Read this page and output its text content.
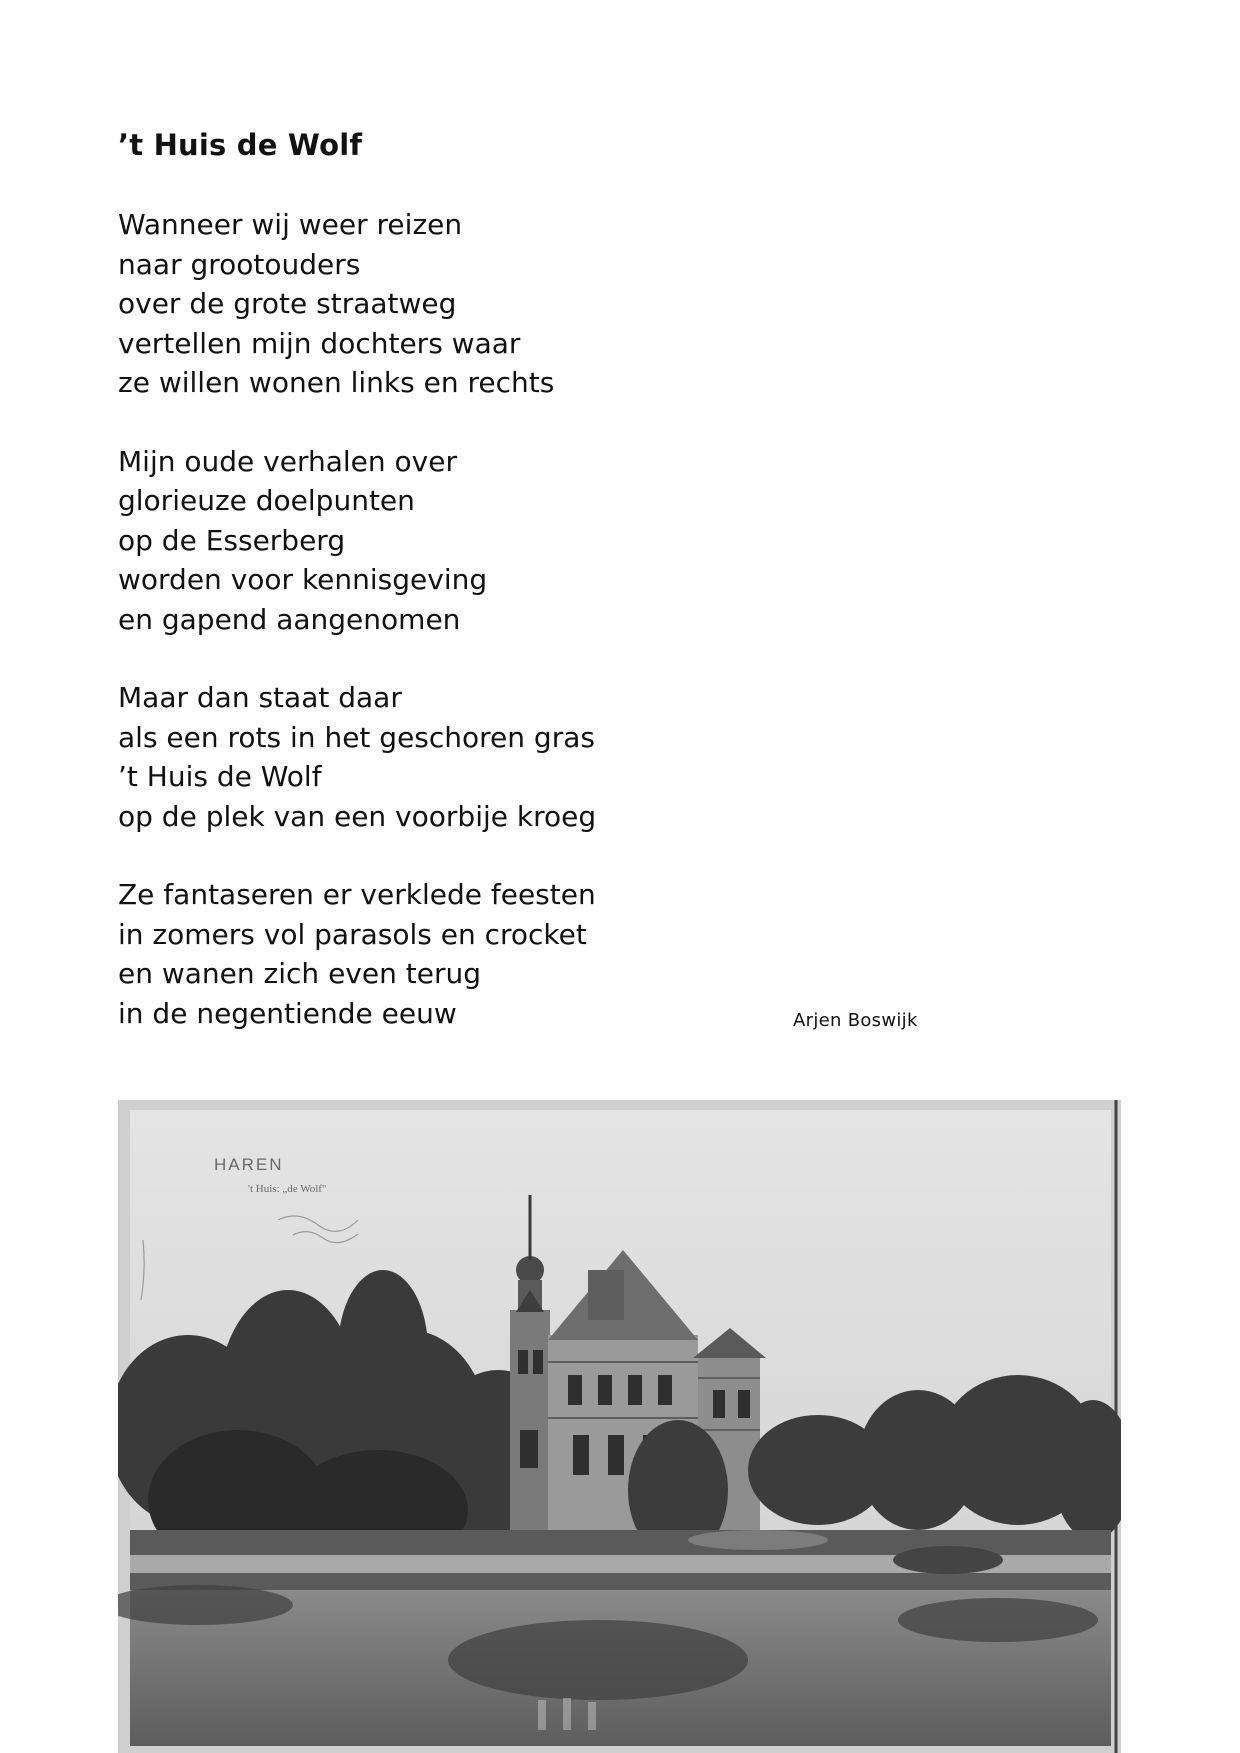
’t Huis de Wolf
Wanneer wij weer reizen
naar grootouders
over de grote straatweg
vertellen mijn dochters waar
ze willen wonen links en rechts
Mijn oude verhalen over
glorieuze doelpunten
op de Esserberg
worden voor kennisgeving
en gapend aangenomen
Maar dan staat daar
als een rots in het geschoren gras
’t Huis de Wolf
op de plek van een voorbije kroeg
Ze fantaseren er verklede feesten
in zomers vol parasols en crocket
en wanen zich even terug
in de negentiende eeuw	Arjen Boswijk
HAREN
't Huis: „de Wolf"
